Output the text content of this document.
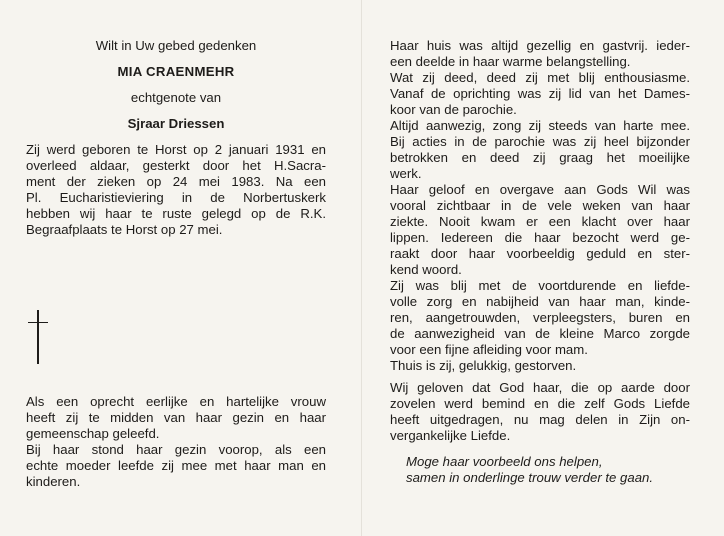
Wilt in Uw gebed gedenken
MIA CRAENMEHR
echtgenote van
Sjraar Driessen
Zij werd geboren te Horst op 2 januari 1931 en
overleed aldaar, gesterkt door het H.Sacra-
ment der zieken op 24 mei 1983. Na een
Pl. Eucharistieviering in de Norbertuskerk
hebben wij haar te ruste gelegd op de R.K.
Begraafplaats te Horst op 27 mei.
Als een oprecht eerlijke en hartelijke vrouw
heeft zij te midden van haar gezin en haar
gemeenschap geleefd.
Bij haar stond haar gezin voorop, als een
echte moeder leefde zij mee met haar man en
kinderen.
Haar huis was altijd gezellig en gastvrij. ieder-
een deelde in haar warme belangstelling.
Wat zij deed, deed zij met blij enthousiasme.
Vanaf de oprichting was zij lid van het Dames-
koor van de parochie.
Altijd aanwezig, zong zij steeds van harte mee.
Bij acties in de parochie was zij heel bijzonder
betrokken en deed zij graag het moeilijke
werk.
Haar geloof en overgave aan Gods Wil was
vooral zichtbaar in de vele weken van haar
ziekte. Nooit kwam er een klacht over haar
lippen. Iedereen die haar bezocht werd ge-
raakt door haar voorbeeldig geduld en ster-
kend woord.
Zij was blij met de voortdurende en liefde-
volle zorg en nabijheid van haar man, kinde-
ren, aangetrouwden, verpleegsters, buren en
de aanwezigheid van de kleine Marco zorgde
voor een fijne afleiding voor mam.
Thuis is zij, gelukkig, gestorven.
Wij geloven dat God haar, die op aarde door
zovelen werd bemind en die zelf Gods Liefde
heeft uitgedragen, nu mag delen in Zijn on-
vergankelijke Liefde.
Moge haar voorbeeld ons helpen,
samen in onderlinge trouw verder te gaan.
